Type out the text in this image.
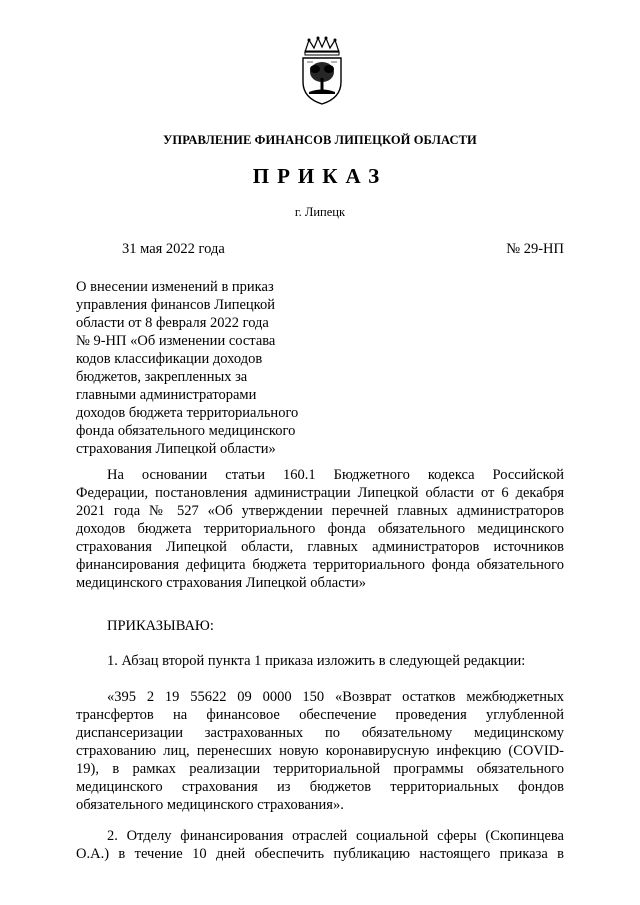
УПРАВЛЕНИЕ ФИНАНСОВ ЛИПЕЦКОЙ ОБЛАСТИ
ПРИКАЗ
г. Липецк
31 мая 2022 года	№ 29-НП
О внесении изменений в приказ
управления финансов Липецкой
области от 8 февраля 2022 года
№ 9-НП «Об изменении состава
кодов классификации доходов
бюджетов, закрепленных за
главными администраторами
доходов бюджета территориального
фонда обязательного медицинского
страхования Липецкой области»
На основании статьи 160.1 Бюджетного кодекса Российской
Федерации, постановления администрации Липецкой области от 6 декабря
2021 года № 527 «Об утверждении перечней главных администраторов
доходов бюджета территориального фонда обязательного медицинского
страхования Липецкой области, главных администраторов источников
финансирования дефицита бюджета территориального фонда обязательного
медицинского страхования Липецкой области»
ПРИКАЗЫВАЮ:
1. Абзац второй пункта 1 приказа изложить в следующей редакции:
«395 2 19 55622 09 0000 150 «Возврат остатков межбюджетных
трансфертов на финансовое обеспечение проведения углубленной
диспансеризации застрахованных по обязательному медицинскому
страхованию лиц, перенесших новую коронавирусную инфекцию (COVID-
19), в рамках реализации территориальной программы обязательного
медицинского страхования из бюджетов территориальных фондов
обязательного медицинского страхования».
2. Отделу финансирования отраслей социальной сферы (Скопинцева
О.А.) в течение 10 дней обеспечить публикацию настоящего приказа в
